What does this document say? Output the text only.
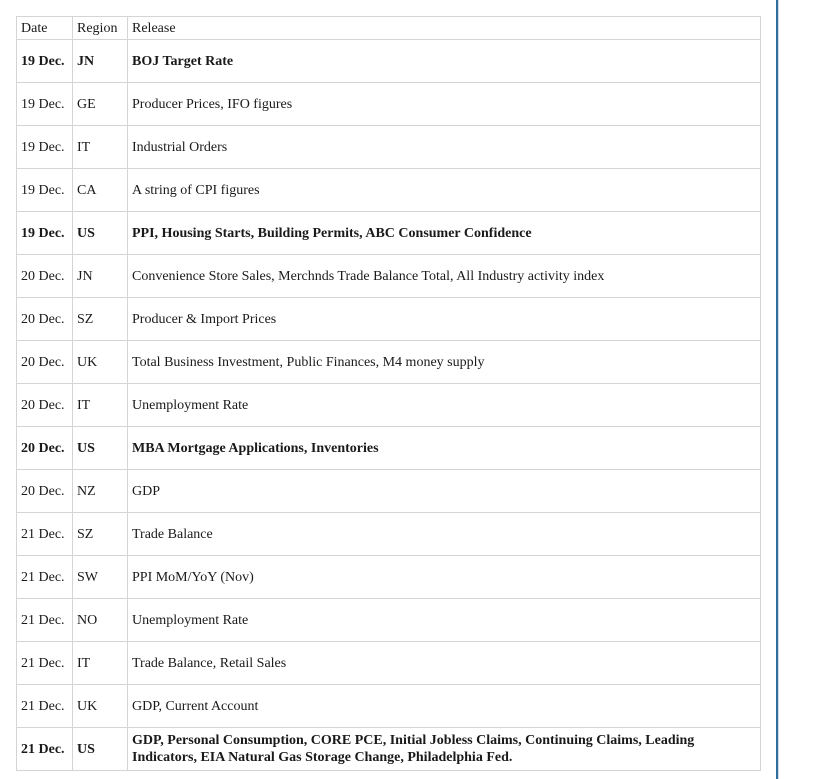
Date	Region	Release
19 Dec.	JN	BOJ Target Rate
19 Dec.	GE	Producer Prices, IFO figures
19 Dec.	IT	Industrial Orders
19 Dec.	CA	A string of CPI figures
19 Dec.	US	PPI, Housing Starts, Building Permits, ABC Consumer Confidence
20 Dec.	JN	Convenience Store Sales, Merchnds Trade Balance Total, All Industry activity index
20 Dec.	SZ	Producer & Import Prices
20 Dec.	UK	Total Business Investment, Public Finances, M4 money supply
20 Dec.	IT	Unemployment Rate
20 Dec.	US	MBA Mortgage Applications, Inventories
20 Dec.	NZ	GDP
21 Dec.	SZ	Trade Balance
21 Dec.	SW	PPI MoM/YoY (Nov)
21 Dec.	NO	Unemployment Rate
21 Dec.	IT	Trade Balance, Retail Sales
21 Dec.	UK	GDP, Current Account
21 Dec.	US	GDP, Personal Consumption, CORE PCE, Initial Jobless Claims, Continuing Claims, Leading Indicators, EIA Natural Gas Storage Change, Philadelphia Fed.
